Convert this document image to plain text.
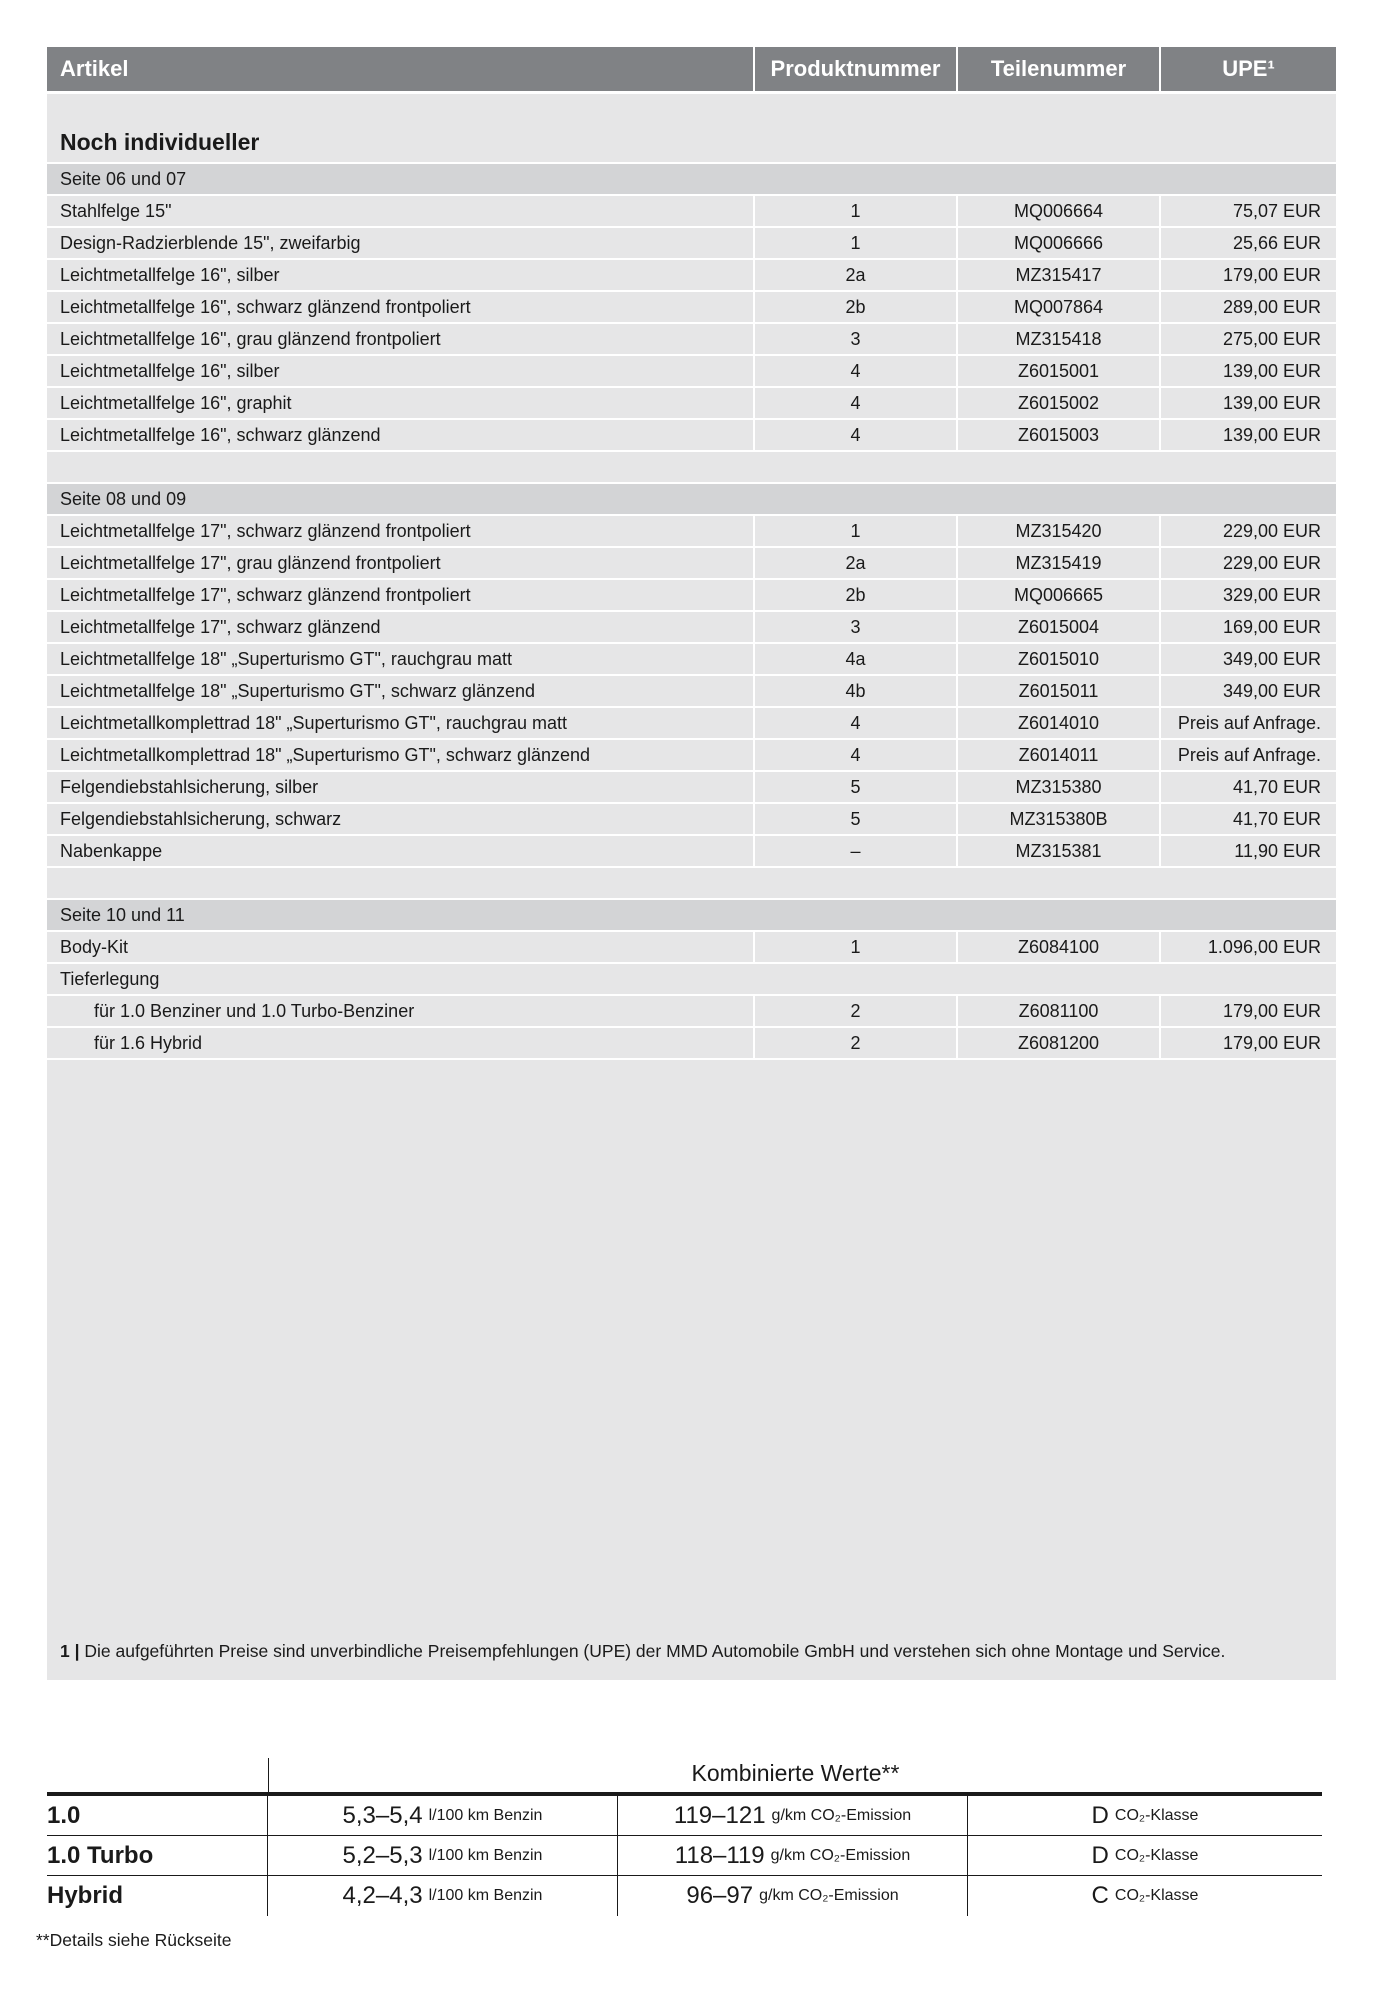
Artikel	Produktnummer	Teilenummer	UPE¹
Noch individueller
Seite 06 und 07
Stahlfelge 15"	1	MQ006664	75,07 EUR
Design-Radzierblende 15", zweifarbig	1	MQ006666	25,66 EUR
Leichtmetallfelge 16", silber	2a	MZ315417	179,00 EUR
Leichtmetallfelge 16", schwarz glänzend frontpoliert	2b	MQ007864	289,00 EUR
Leichtmetallfelge 16", grau glänzend frontpoliert	3	MZ315418	275,00 EUR
Leichtmetallfelge 16", silber	4	Z6015001	139,00 EUR
Leichtmetallfelge 16", graphit	4	Z6015002	139,00 EUR
Leichtmetallfelge 16", schwarz glänzend	4	Z6015003	139,00 EUR
Seite 08 und 09
Leichtmetallfelge 17", schwarz glänzend frontpoliert	1	MZ315420	229,00 EUR
Leichtmetallfelge 17", grau glänzend frontpoliert	2a	MZ315419	229,00 EUR
Leichtmetallfelge 17", schwarz glänzend frontpoliert	2b	MQ006665	329,00 EUR
Leichtmetallfelge 17", schwarz glänzend	3	Z6015004	169,00 EUR
Leichtmetallfelge 18" „Superturismo GT", rauchgrau matt	4a	Z6015010	349,00 EUR
Leichtmetallfelge 18" „Superturismo GT", schwarz glänzend	4b	Z6015011	349,00 EUR
Leichtmetallkomplettrad 18" „Superturismo GT", rauchgrau matt	4	Z6014010	Preis auf Anfrage.
Leichtmetallkomplettrad 18" „Superturismo GT", schwarz glänzend	4	Z6014011	Preis auf Anfrage.
Felgendiebstahlsicherung, silber	5	MZ315380	41,70 EUR
Felgendiebstahlsicherung, schwarz	5	MZ315380B	41,70 EUR
Nabenkappe	–	MZ315381	11,90 EUR
Seite 10 und 11
Body-Kit	1	Z6084100	1.096,00 EUR
Tieferlegung
für 1.0 Benziner und 1.0 Turbo-Benziner	2	Z6081100	179,00 EUR
für 1.6 Hybrid	2	Z6081200	179,00 EUR
1 | Die aufgeführten Preise sind unverbindliche Preisempfehlungen (UPE) der MMD Automobile GmbH und verstehen sich ohne Montage und Service.
Kombinierte Werte**
1.0	5,3–5,4 l/100 km Benzin	119–121 g/km CO₂-Emission	D CO₂-Klasse
1.0 Turbo	5,2–5,3 l/100 km Benzin	118–119 g/km CO₂-Emission	D CO₂-Klasse
Hybrid	4,2–4,3 l/100 km Benzin	96–97 g/km CO₂-Emission	C CO₂-Klasse
**Details siehe Rückseite
